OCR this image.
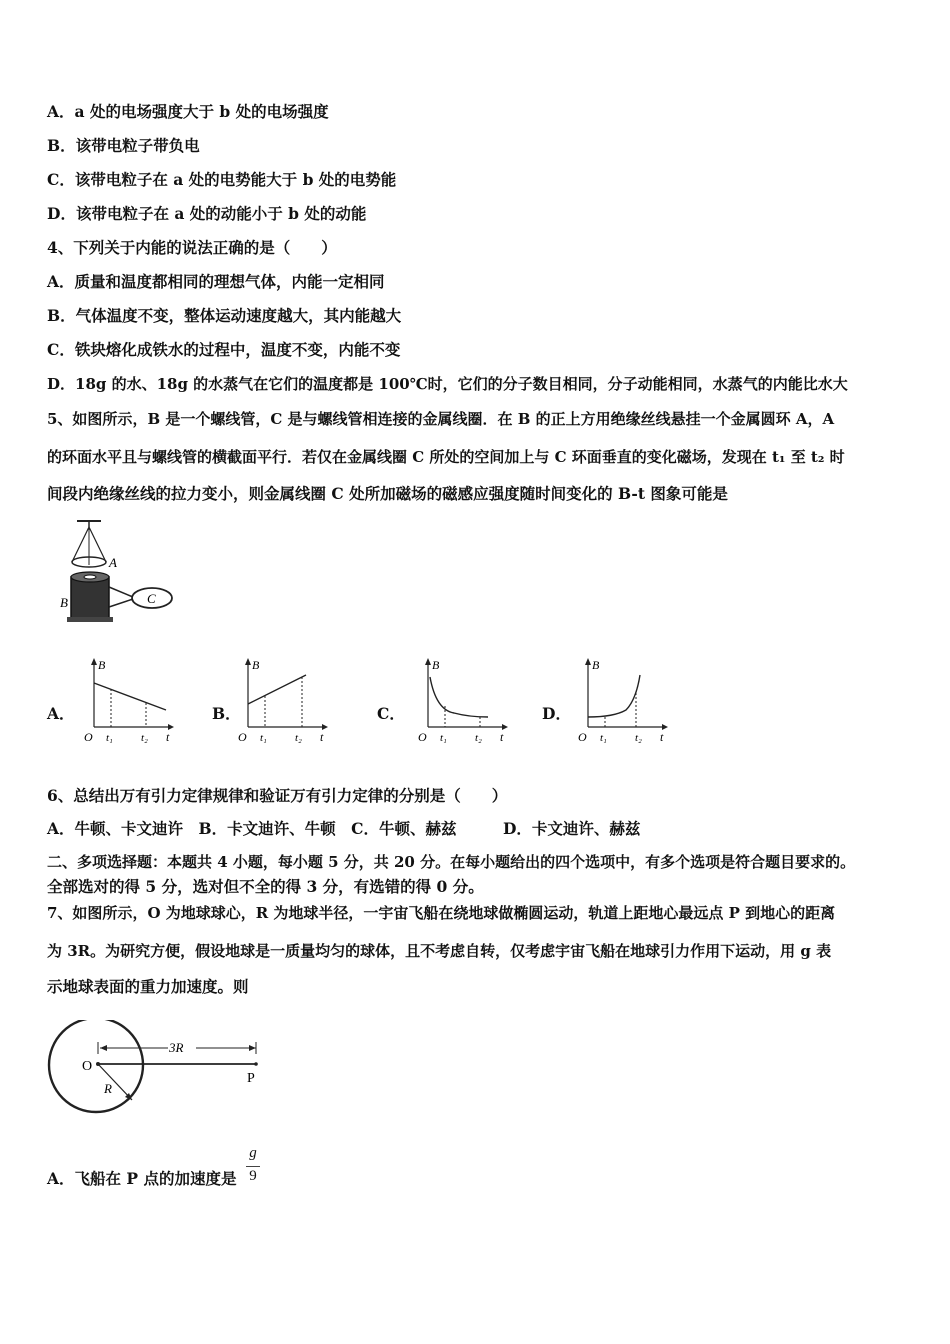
A．a 处的电场强度大于 b 处的电场强度
B．该带电粒子带负电
C．该带电粒子在 a 处的电势能大于 b 处的电势能
D．该带电粒子在 a 处的动能小于 b 处的动能
4、下列关于内能的说法正确的是（　　）
A．质量和温度都相同的理想气体，内能一定相同
B．气体温度不变，整体运动速度越大，其内能越大
C．铁块熔化成铁水的过程中，温度不变，内能不变
D．18g 的水、18g 的水蒸气在它们的温度都是 100℃时，它们的分子数目相同，分子动能相同，水蒸气的内能比水大
5、如图所示，B 是一个螺线管，C 是与螺线管相连接的金属线圈．在 B 的正上方用绝缘丝线悬挂一个金属圆环 A，A
的环面水平且与螺线管的横截面平行．若仅在金属线圈 C 所处的空间加上与 C 环面垂直的变化磁场，发现在 t₁ 至 t₂ 时
间段内绝缘丝线的拉力变小，则金属线圈 C 处所加磁场的磁感应强度随时间变化的 B-t 图象可能是
A
C
B
A．	B．	C．	D．
B
O t₁	t₂ t
B
O t₁	t₂ t
B
O t₁	t₂ t
B
O t₁	t₂ t
6、总结出万有引力定律规律和验证万有引力定律的分别是（　　）
A．牛顿、卡文迪许　B．卡文迪许、牛顿　C．牛顿、赫兹　　　D．卡文迪许、赫兹
二、多项选择题：本题共 4 小题，每小题 5 分，共 20 分。在每小题给出的四个选项中，有多个选项是符合题目要求的。
全部选对的得 5 分，选对但不全的得 3 分，有选错的得 0 分。
7、如图所示，O 为地球球心，R 为地球半径，一宇宙飞船在绕地球做椭圆运动，轨道上距地心最远点 P 到地心的距离
为 3R。为研究方便，假设地球是一质量均匀的球体，且不考虑自转，仅考虑宇宙飞船在地球引力作用下运动，用 g 表
示地球表面的重力加速度。则
O
3R
P
R
A．飞船在 P 点的加速度是
g
9
